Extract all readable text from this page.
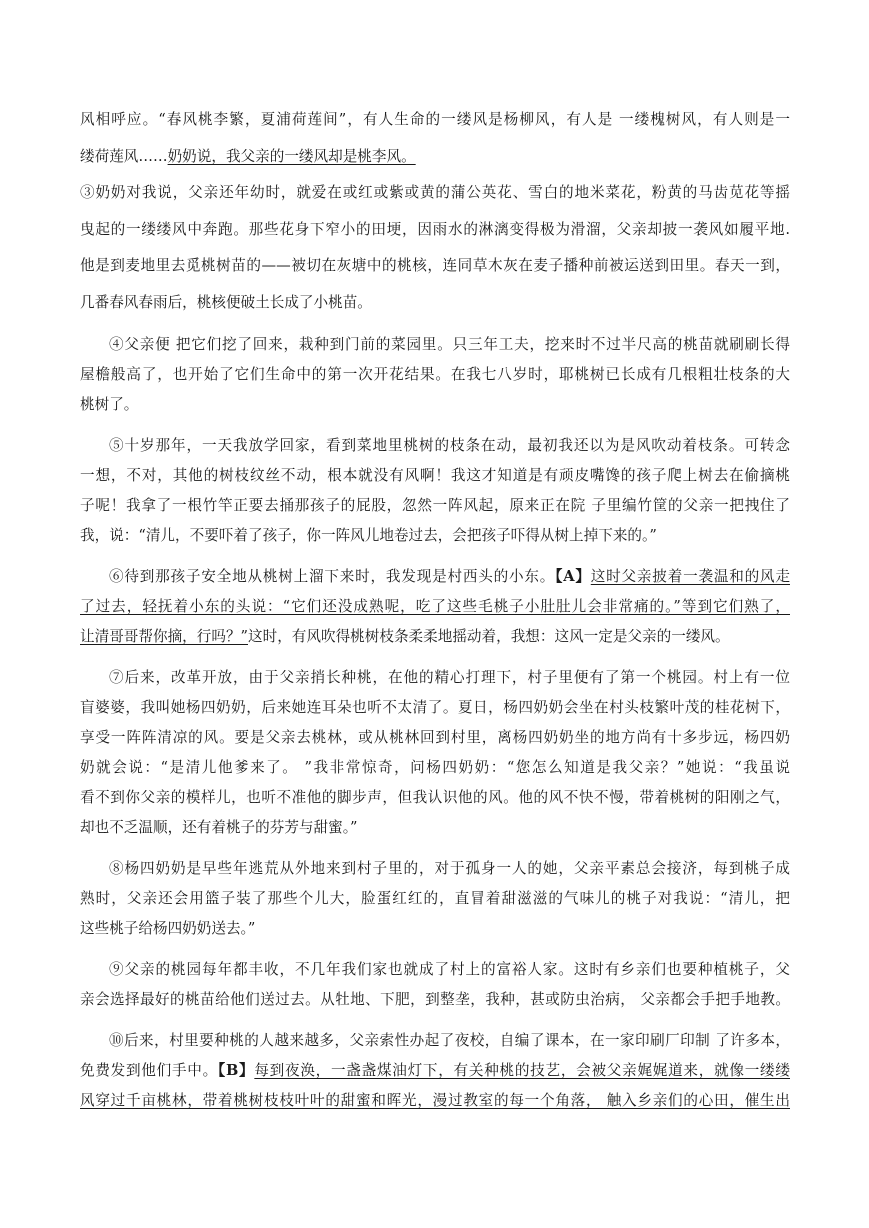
风相呼应。“春风桃李繁，夏浦荷莲间”，有人生命的一缕风是杨柳风，有人是 一缕槐树风，有人则是一
缕荷莲风……奶奶说，我父亲的一缕风却是桃李风。
③奶奶对我说，父亲还年幼时，就爱在或红或紫或黄的蒲公英花、雪白的地米菜花，粉黄的马齿苋花等摇
曳起的一缕缕风中奔跑。那些花身下窄小的田埂，因雨水的淋漓变得极为滑溜，父亲却披一袭风如履平地.
他是到麦地里去觅桃树苗的——被切在灰塘中的桃核，连同草木灰在麦子播种前被运送到田里。春天一到，
几番春风春雨后，桃核便破土长成了小桃苗。
④父亲便 把它们挖了回来，栽种到门前的菜园里。只三年工夫，挖来时不过半尺高的桃苗就刷刷长得
屋檐般高了，也开始了它们生命中的第一次开花结果。在我七八岁时，耶桃树已长成有几根粗壮枝条的大
桃树了。
⑤十岁那年，一天我放学回家，看到菜地里桃树的枝条在动，最初我还以为是风吹动着枝条。可转念
一想，不对，其他的树枝纹丝不动，根本就没有风啊！我这才知道是有顽皮嘴馋的孩子爬上树去在偷摘桃
子呢！我拿了一根竹竿正要去捅那孩子的屁股，忽然一阵风起，原来正在院 子里编竹筐的父亲一把拽住了
我，说：“清儿，不要吓着了孩子，你一阵风儿地卷过去，会把孩子吓得从树上掉下来的。”
⑥待到那孩子安全地从桃树上溜下来时，我发现是村西头的小东。【A】这时父亲披着一袭温和的风走
了过去，轻抚着小东的头说：“它们还没成熟呢，吃了这些毛桃子小肚肚儿会非常痛的。”等到它们熟了，
让清哥哥帮你摘，行吗？”这时，有风吹得桃树枝条柔柔地摇动着，我想：这风一定是父亲的一缕风。
⑦后来，改革开放，由于父亲捎长种桃，在他的精心打理下，村子里便有了第一个桃园。村上有一位
盲婆婆，我叫她杨四奶奶，后来她连耳朵也听不太清了。夏日，杨四奶奶会坐在村头枝繁叶茂的桂花树下，
享受一阵阵清凉的风。要是父亲去桃林，或从桃林回到村里，离杨四奶奶坐的地方尚有十多步远，杨四奶
奶就会说：“是清儿他爹来了。 ”我非常惊奇，问杨四奶奶：“您怎么知道是我父亲？”她说：“我虽说
看不到你父亲的模样儿，也听不准他的脚步声，但我认识他的风。他的风不快不慢，带着桃树的阳刚之气，
却也不乏温顺，还有着桃子的芬芳与甜蜜。”
⑧杨四奶奶是早些年逃荒从外地来到村子里的，对于孤身一人的她，父亲平素总会接济，每到桃子成
熟时，父亲还会用篮子装了那些个儿大，脸蛋红红的，直冒着甜滋滋的气味儿的桃子对我说：“清儿，把
这些桃子给杨四奶奶送去。”
⑨父亲的桃园每年都丰收，不几年我们家也就成了村上的富裕人家。这时有乡亲们也要种植桃子，父
亲会选择最好的桃苗给他们送过去。从牡地、下肥，到整垄，我种，甚或防虫治病， 父亲都会手把手地教。
⑩后来，村里要种桃的人越来越多，父亲索性办起了夜校，自编了课本，在一家印刷厂印制 了许多本，
免费发到他们手中。【B】每到夜涣，一盏盏煤油灯下，有关种桃的技艺，会被父亲娓娓道来，就像一缕缕
风穿过千亩桃林，带着桃树枝枝叶叶的甜蜜和晖光，漫过教室的每一个角落， 触入乡亲们的心田，催生出
